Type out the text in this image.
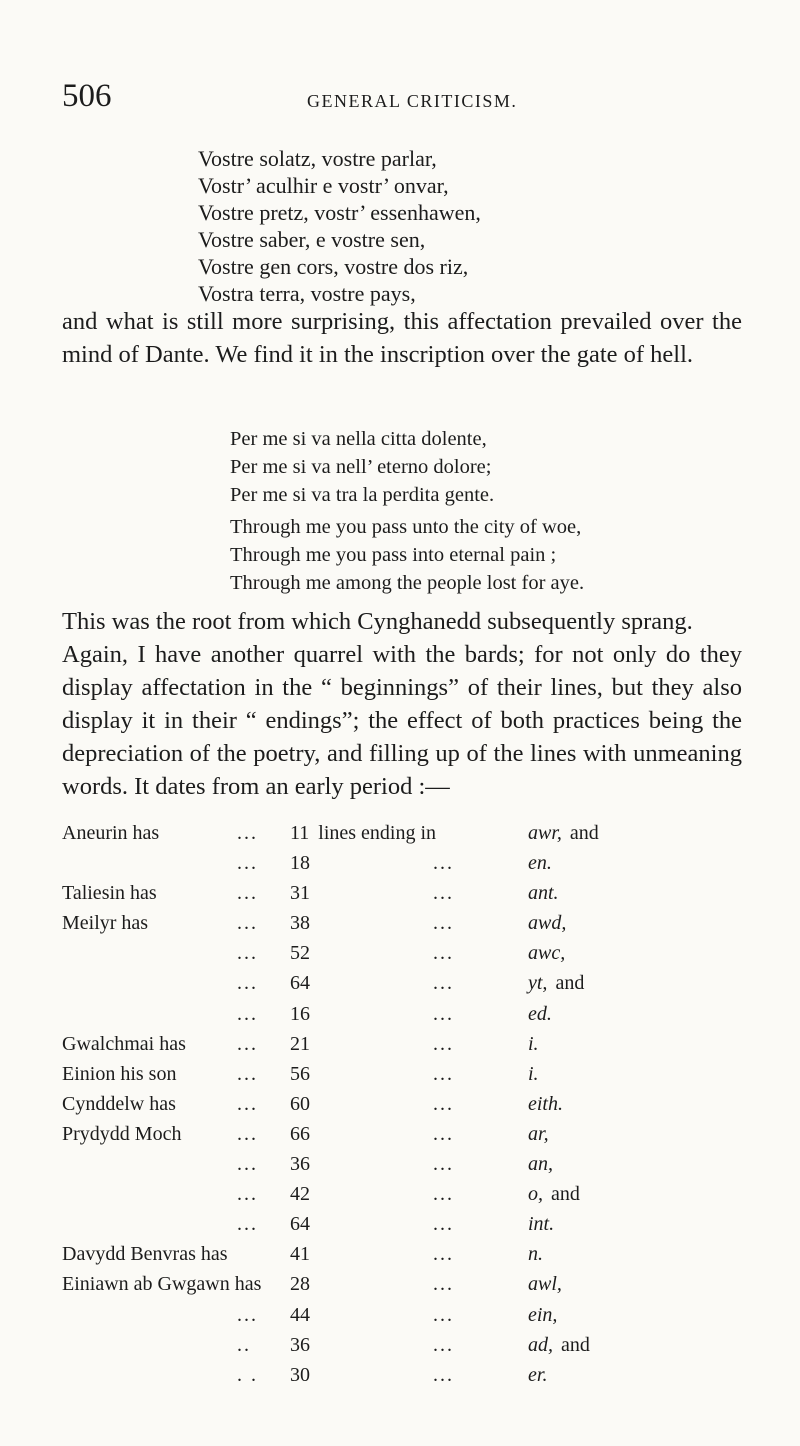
506	GENERAL CRITICISM.
Vostre solatz, vostre parlar,
Vostr’ aculhir e vostr’ onvar,
Vostre pretz, vostr’ essenhawen,
Vostre saber, e vostre sen,
Vostre gen cors, vostre dos riz,
Vostra terra, vostre pays,

and what is still more surprising, this affectation prevailed over the mind of Dante. We find it in the inscription over the gate of hell.

Per me si va nella citta dolente,
Per me si va nell’ eterno dolore;
Per me si va tra la perdita gente.
Through me you pass unto the city of woe,
Through me you pass into eternal pain ;
Through me among the people lost for aye.

This was the root from which Cynghanedd subsequently sprang.

Again, I have another quarrel with the bards; for not only do they display affectation in the “ beginnings” of their lines, but they also display it in their “ endings”; the effect of both practices being the depreciation of the poetry, and filling up of the lines with unmeaning words. It dates from an early period :—

Aneurin has	... 11 lines ending in	awr, and
... 18	...	en.
Taliesin has	... 31	...	ant.
Meilyr has	... 38	...	awd,
... 52	...	awc,
... 64	...	yt, and
... 16	...	ed.
Gwalchmai has	... 21	...	i.
Einion his son	... 56	...	i.
Cynddelw has	... 60	...	eith.
Prydydd Moch	... 66	...	ar,
... 36	...	an,
... 42	...	o, and
... 64	...	int.
Davydd Benvras has	41	...	n.
Einiawn ab Gwgawn has 28	...	awl,
... 44	...	ein,
.. 36	...	ad, and
. . 30	...	er.
